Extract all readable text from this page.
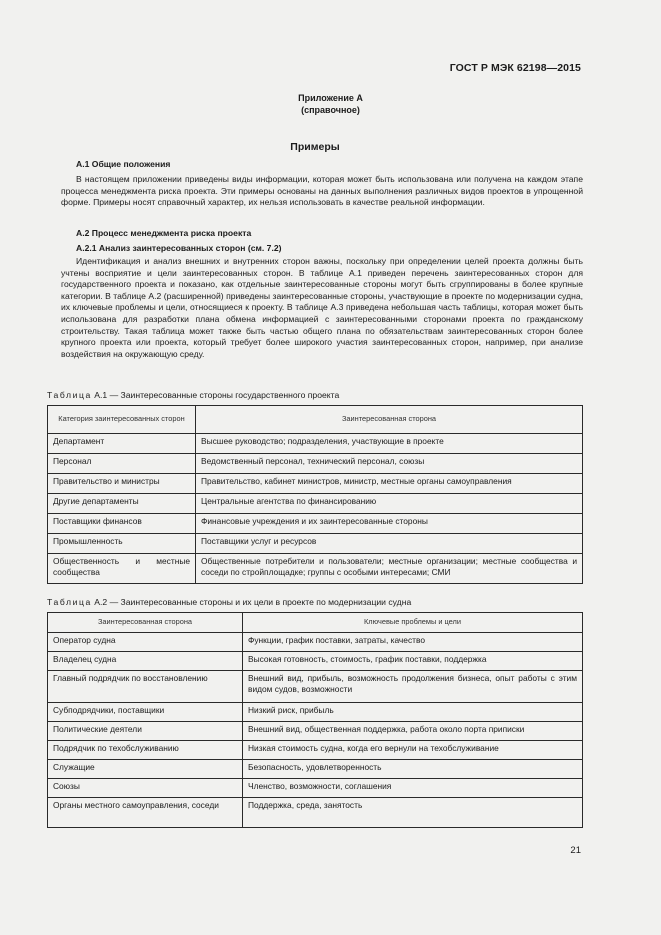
ГОСТ Р МЭК 62198—2015
Приложение А
(справочное)
Примеры
А.1 Общие положения
В настоящем приложении приведены виды информации, которая может быть использована или получена на каждом этапе процесса менеджмента риска проекта. Эти примеры основаны на данных выполнения различных видов проектов в упрощенной форме. Примеры носят справочный характер, их нельзя использовать в качестве реальной информации.
А.2 Процесс менеджмента риска проекта
А.2.1 Анализ заинтересованных сторон (см. 7.2)
Идентификация и анализ внешних и внутренних сторон важны, поскольку при определении целей проекта должны быть учтены восприятие и цели заинтересованных сторон. В таблице А.1 приведен перечень заинтересованных сторон для государственного проекта и показано, как отдельные заинтересованные стороны могут быть сгруппированы в более крупные категории. В таблице А.2 (расширенной) приведены заинтересованные стороны, участвующие в проекте по модернизации судна, их ключевые проблемы и цели, относящиеся к проекту. В таблице А.3 приведена небольшая часть таблицы, которая может быть использована для разработки плана обмена информацией с заинтересованными сторонами проекта по гражданскому строительству. Такая таблица может также быть частью общего плана по обязательствам заинтересованных сторон более крупного проекта или проекта, который требует более широкого участия заинтересованных сторон, например, при анализе воздействия на окружающую среду.
Таблица А.1 — Заинтересованные стороны государственного проекта
Категория заинтересованных сторон	Заинтересованная сторона
Департамент	Высшее руководство; подразделения, участвующие в проекте
Персонал	Ведомственный персонал, технический персонал, союзы
Правительство и министры	Правительство, кабинет министров, министр, местные органы самоуправления
Другие департаменты	Центральные агентства по финансированию
Поставщики финансов	Финансовые учреждения и их заинтересованные стороны
Промышленность	Поставщики услуг и ресурсов
Общественность и местные сообщества	Общественные потребители и пользователи; местные организации; местные сообщества и соседи по стройплощадке; группы с особыми интересами; СМИ
Таблица А.2 — Заинтересованные стороны и их цели в проекте по модернизации судна
Заинтересованная сторона	Ключевые проблемы и цели
Оператор судна	Функции, график поставки, затраты, качество
Владелец судна	Высокая готовность, стоимость, график поставки, поддержка
Главный подрядчик по восстановлению	Внешний вид, прибыль, возможность продолжения бизнеса, опыт работы с этим видом судов, возможности
Субподрядчики, поставщики	Низкий риск, прибыль
Политические деятели	Внешний вид, общественная поддержка, работа около порта приписки
Подрядчик по техобслуживанию	Низкая стоимость судна, когда его вернули на техобслуживание
Служащие	Безопасность, удовлетворенность
Союзы	Членство, возможности, соглашения
Органы местного самоуправления, соседи	Поддержка, среда, занятость
21
